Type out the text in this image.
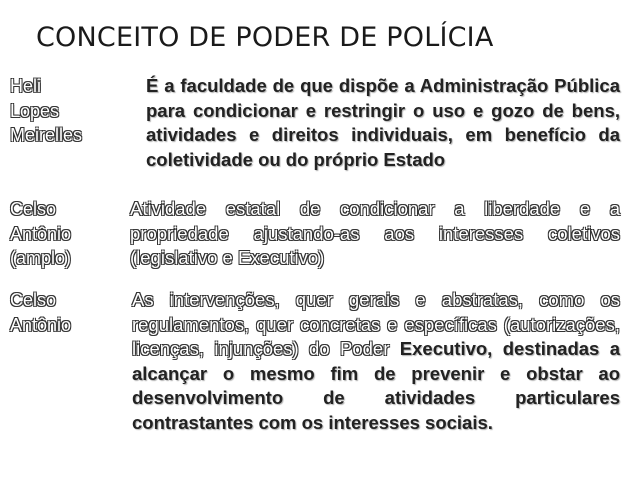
CONCEITO DE PODER DE POLÍCIA
Heli
Lopes
Meirelles
É a faculdade de que dispõe a Administração Pública para condicionar e restringir o uso e gozo de bens, atividades e direitos individuais, em benefício da coletividade ou do próprio Estado
Celso
Antônio
(amplo)
Atividade estatal de condicionar a liberdade e a propriedade ajustando-as aos interesses coletivos (legislativo e Executivo)
Celso
Antônio
As intervenções, quer gerais e abstratas, como os regulamentos, quer concretas e específicas (autorizações, licenças, injunções) do Poder Executivo, destinadas a alcançar o mesmo fim de prevenir e obstar ao desenvolvimento de atividades particulares contrastantes com os interesses sociais.
